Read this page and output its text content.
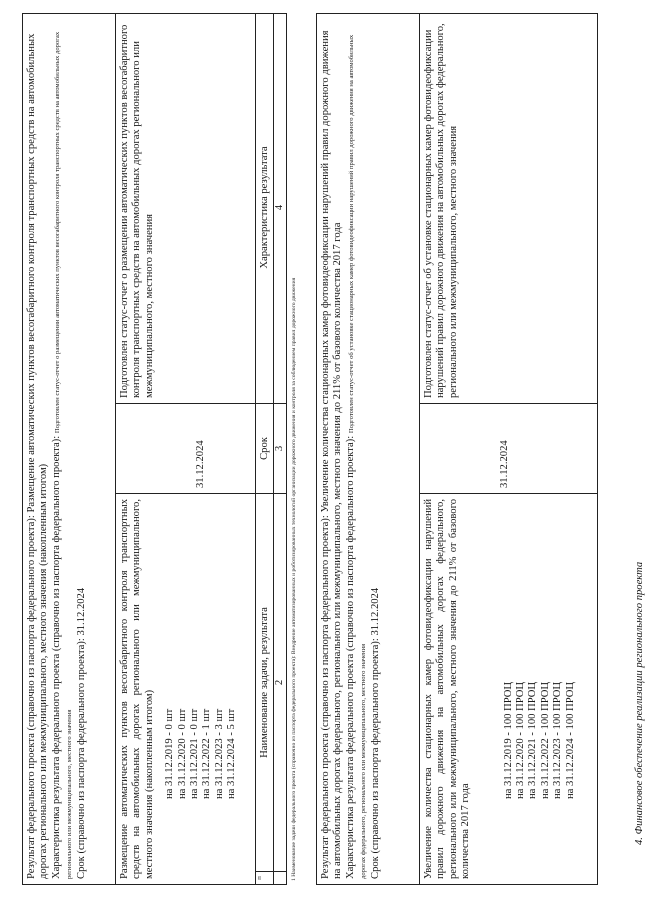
Результат федерального проекта (справочно из паспорта федерального проекта): Размещение автоматических пунктов весогабаритного контроля транспортных средств на автомобильных дорогах регионального или межмуниципального, местного значения (накопленным итогом) Характеристика результата федерального проекта (справочно из паспорта федерального проекта): Подготовлен статус-отчет о размещении автоматических пунктов весогабаритного контроля транспортных средств на автомобильных дорогах регионального или межмуниципального, местного значения Срок (справочно из паспорта федерального проекта): 31.12.2024	Размещение автоматических пунктов весогабаритного контроля транспортных средств на автомобильных дорогах регионального или межмуниципального, местного значения (накопленным итогом) на 31.12.2019 - 0 шт на 31.12.2020 - 0 шт на 31.12.2021 - 0 шт на 31.12.2022 - 1 шт на 31.12.2023 - 3 шт на 31.12.2024 - 5 шт

31.12.2024

Подготовлен статус-отчет о размещении автоматических пунктов весогабаритного контроля транспортных средств на автомобильных дорогах регионального или межмуниципального, местного значения

п

Наименование задачи, результата

Срок

Характеристика результата

2

3

4

1 Наименование задачи федерального проекта (справочно из паспорта федерального проекта): Внедрение автоматизированных и роботизированных технологий организации дорожного движения и контроля за соблюдением правил дорожного движения Результат федерального проекта (справочно из паспорта федерального проекта): Увеличение количества стационарных камер фотовидеофиксации нарушений правил дорожного движения на автомобильных дорогах федерального, регионального или межмуниципального, местного значения до 211% от базового количества 2017 года Характеристика результата федерального проекта (справочно из паспорта федерального проекта): Подготовлен статус-отчет об установке стационарных камер фотовидеофиксации нарушений правил дорожного движения на автомобильных дорогах федерального, регионального или межмуниципального, местного значения Срок (справочно из паспорта федерального проекта): 31.12.2024	Увеличение количества стационарных камер фотовидеофиксации нарушений правил дорожного движения на автомобильных дорогах федерального, регионального или межмуниципального, местного значения до 211% от базового количества 2017 года

на 31.12.2019 - 100 ПРОЦ на 31.12.2020 - 100 ПРОЦ на 31.12.2021 - 100 ПРОЦ на 31.12.2022 - 100 ПРОЦ на 31.12.2023 - 100 ПРОЦ на 31.12.2024 - 100 ПРОЦ

31.12.2024

Подготовлен статус-отчет об установке стационарных камер фотовидеофиксации нарушений правил дорожного движения на автомобильных дорогах федерального, регионального или межмуниципального, местного значения

4. Финансовое обеспечение реализации регионального проекта
